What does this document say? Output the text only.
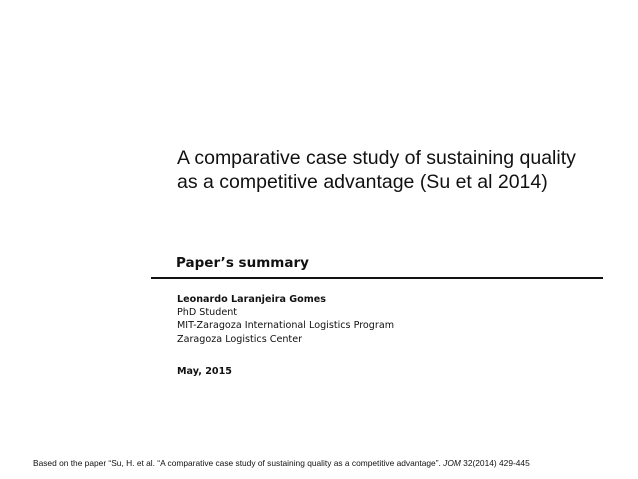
A comparative case study of sustaining quality as a competitive advantage (Su et al 2014)
Paper’s summary
Leonardo Laranjeira Gomes
PhD Student
MIT-Zaragoza International Logistics Program
Zaragoza Logistics Center
May, 2015
Based on the paper “Su, H. et al. “A comparative case study of sustaining quality as a competitive advantage”. JOM 32(2014) 429-445
